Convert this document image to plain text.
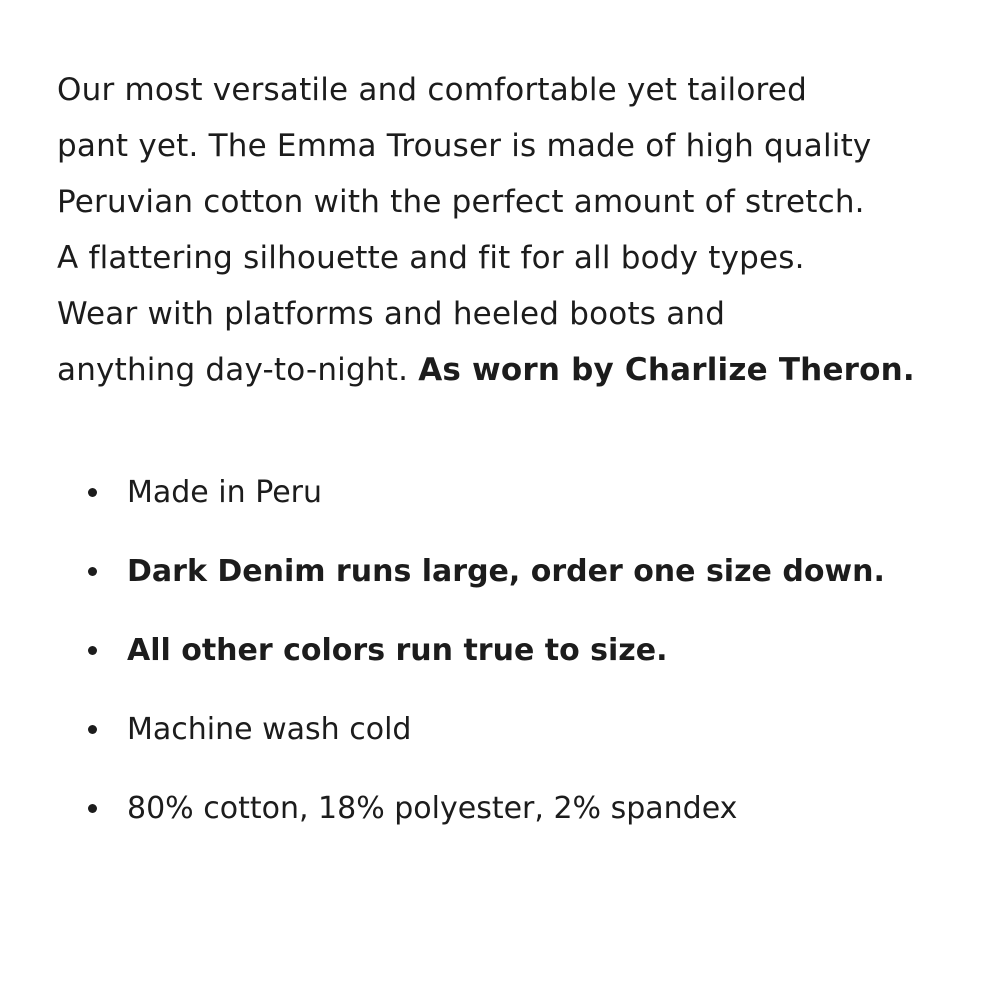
Our most versatile and comfortable yet tailored
pant yet. The Emma Trouser is made of high quality
Peruvian cotton with the perfect amount of stretch.
A flattering silhouette and fit for all body types.
Wear with platforms and heeled boots and
anything day-to-night. As worn by Charlize Theron.

Made in Peru
Dark Denim runs large, order one size down.
All other colors run true to size.
Machine wash cold
80% cotton, 18% polyester, 2% spandex
